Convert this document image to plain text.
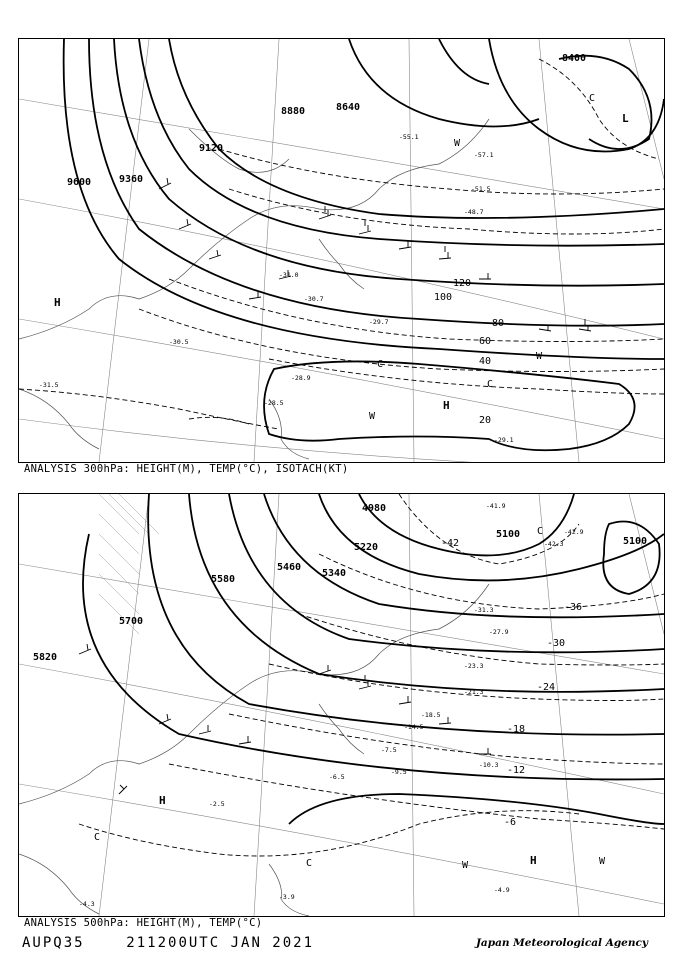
8400
8640
8880
9120
9360
9600
20
40
60
80
100
120
-57.1
-55.1
-51.5
-48.7
-31.0
-29.7
-30.7
-30.5
-31.5
-29.1
-28.9
-28.5
H
H
L
C
W
C
W
C
W
ANALYSIS 300hPa: HEIGHT(M), TEMP(°C), ISOTACH(KT)
4980
5100
5100
5220
5340
5460
5580
5700
5820
-42
-36
-30
-24
-18
-12
-6
-41.9
-42.3
-42.9
-31.3
-27.9
-23.3
-21.3
-18.5
-14.5
-10.3
-9.5
-7.5
-6.5
-4.3
-3.9
-4.9
-2.5
H
H
C
C
W	W
C
ANALYSIS 500hPa: HEIGHT(M), TEMP(°C)
AUPQ35	211200UTC JAN 2021	Japan Meteorological Agency
